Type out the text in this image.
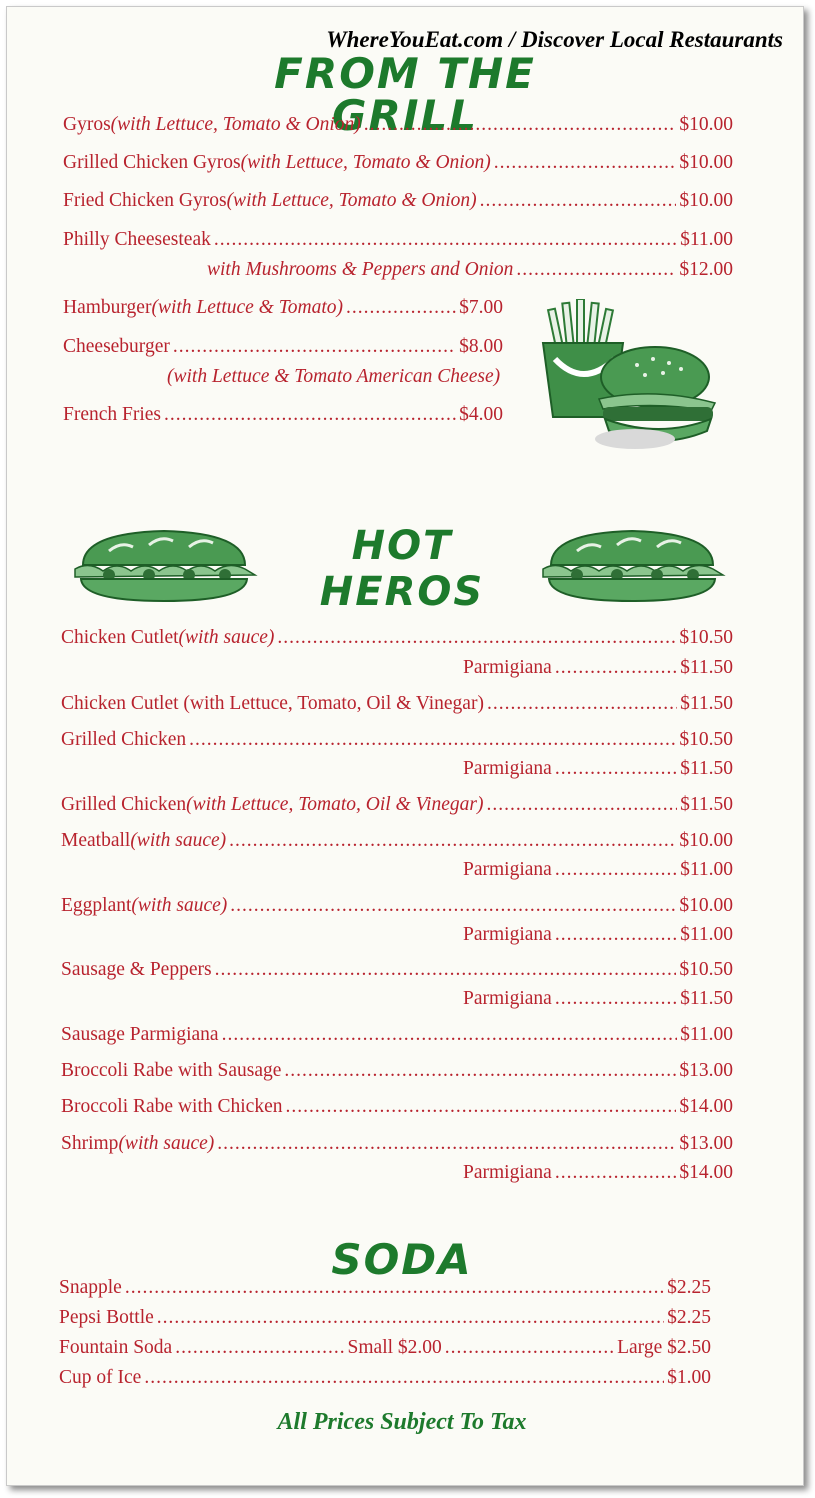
WhereYouEat.com / Discover Local Restaurants
FROM THE GRILL
Gyros (with Lettuce, Tomato & Onion) .....	$10.00
Grilled Chicken Gyros (with Lettuce, Tomato & Onion) .....	$10.00
Fried Chicken Gyros (with Lettuce, Tomato & Onion) .....	$10.00
Philly Cheesesteak .....	$11.00
with Mushrooms & Peppers and Onion .....	$12.00
Hamburger (with Lettuce & Tomato) .....	$7.00
Cheeseburger .....	$8.00
(with Lettuce & Tomato American Cheese)
French Fries .....	$4.00
HOT
HEROS
Chicken Cutlet (with sauce) .....	$10.50
Parmigiana .....	$11.50
Chicken Cutlet (with Lettuce, Tomato, Oil & Vinegar) .....	$11.50
Grilled Chicken .....	$10.50
Parmigiana .....	$11.50
Grilled Chicken (with Lettuce, Tomato, Oil & Vinegar) .....	$11.50
Meatball (with sauce) .....	$10.00
Parmigiana .....	$11.00
Eggplant (with sauce) .....	$10.00
Parmigiana .....	$11.00
Sausage & Peppers .....	$10.50
Parmigiana .....	$11.50
Sausage Parmigiana .....	$11.00
Broccoli Rabe with Sausage .....	$13.00
Broccoli Rabe with Chicken .....	$14.00
Shrimp (with sauce) .....	$13.00
Parmigiana .....	$14.00
SODA
Snapple .....	$2.25
Pepsi Bottle .....	$2.25
Fountain Soda .....	Small $2.00 .....	Large $2.50
Cup of Ice .....	$1.00
All Prices Subject To Tax
